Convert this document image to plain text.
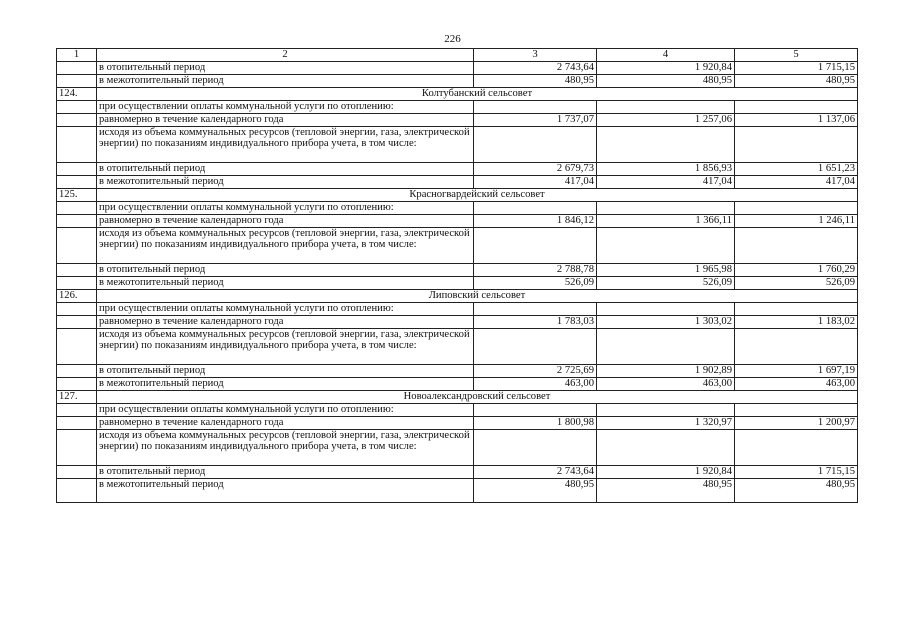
226
1	2	3	4	5
	в отопительный период	2 743,64	1 920,84	1 715,15
	в межотопительный период	480,95	480,95	480,95
124.	Колтубанский сельсовет			
	при осуществлении оплаты коммунальной услуги по отоплению:			
	равномерно в течение календарного года	1 737,07	1 257,06	1 137,06
	исходя из объема коммунальных ресурсов (тепловой энергии, газа, электрической энергии) по показаниям индивидуального прибора учета, в том числе:			
	в отопительный период	2 679,73	1 856,93	1 651,23
	в межотопительный период	417,04	417,04	417,04
125.	Красногвардейский сельсовет			
	при осуществлении оплаты коммунальной услуги по отоплению:			
	равномерно в течение календарного года	1 846,12	1 366,11	1 246,11
	исходя из объема коммунальных ресурсов (тепловой энергии, газа, электрической энергии) по показаниям индивидуального прибора учета, в том числе:			
	в отопительный период	2 788,78	1 965,98	1 760,29
	в межотопительный период	526,09	526,09	526,09
126.	Липовский сельсовет			
	при осуществлении оплаты коммунальной услуги по отоплению:			
	равномерно в течение календарного года	1 783,03	1 303,02	1 183,02
	исходя из объема коммунальных ресурсов (тепловой энергии, газа, электрической энергии) по показаниям индивидуального прибора учета, в том числе:			
	в отопительный период	2 725,69	1 902,89	1 697,19
	в межотопительный период	463,00	463,00	463,00
127.	Новоалександровский сельсовет			
	при осуществлении оплаты коммунальной услуги по отоплению:			
	равномерно в течение календарного года	1 800,98	1 320,97	1 200,97
	исходя из объема коммунальных ресурсов (тепловой энергии, газа, электрической энергии) по показаниям индивидуального прибора учета, в том числе:			
	в отопительный период	2 743,64	1 920,84	1 715,15
	в межотопительный период	480,95	480,95	480,95
